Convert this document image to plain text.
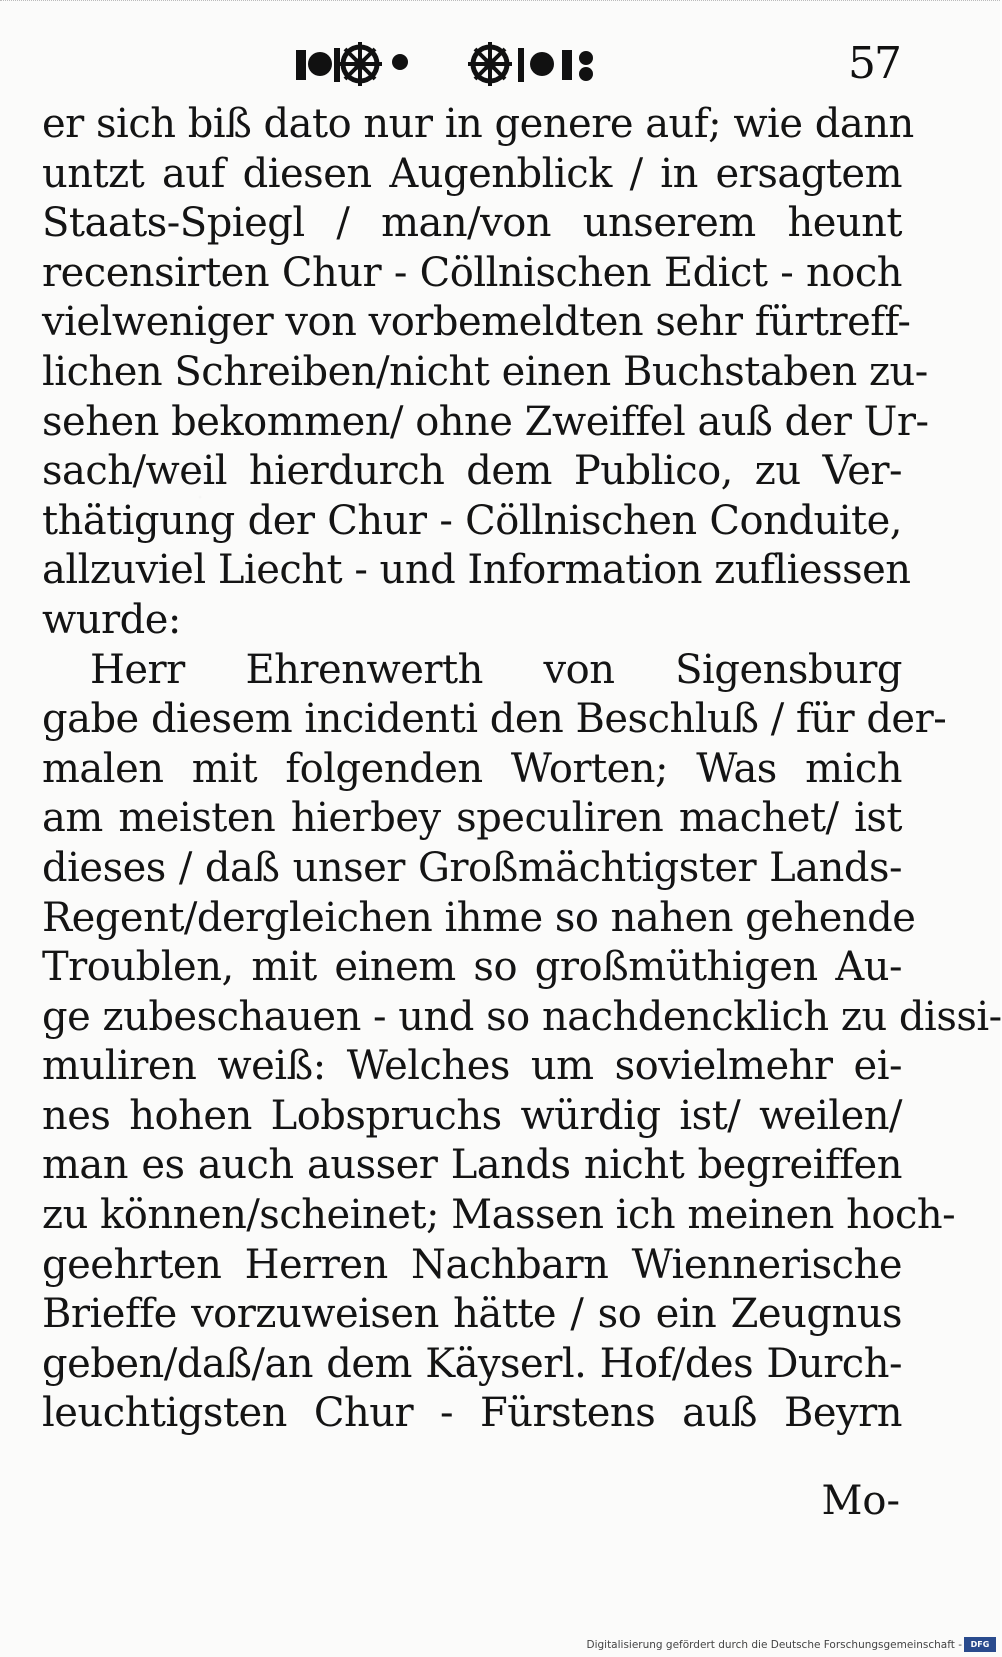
57
er sich biß dato nur in genere auf; wie dann
untzt auf diesen Augenblick / in ersagtem
Staats-Spiegl / man/von unserem heunt
recensirten Chur - Cöllnischen Edict - noch
vielweniger von vorbemeldten sehr fürtreff-
lichen Schreiben/nicht einen Buchstaben zu-
sehen bekommen/ ohne Zweiffel auß der Ur-
sach/weil hierdurch dem Publico, zu Ver-
thätigung der Chur - Cöllnischen Conduite,
allzuviel Liecht - und Information zufliessen
wurde:
Herr Ehrenwerth von Sigensburg
gabe diesem incidenti den Beschluß / für der-
malen mit folgenden Worten; Was mich
am meisten hierbey speculiren machet/ ist
dieses / daß unser Großmächtigster Lands-
Regent/dergleichen ihme so nahen gehende
Troublen, mit einem so großmüthigen Au-
ge zubeschauen - und so nachdencklich zu dissi-
muliren weiß: Welches um sovielmehr ei-
nes hohen Lobspruchs würdig ist/ weilen/
man es auch ausser Lands nicht begreiffen
zu können/scheinet; Massen ich meinen hoch-
geehrten Herren Nachbarn Wiennerische
Brieffe vorzuweisen hätte / so ein Zeugnus
geben/daß/an dem Käyserl. Hof/des Durch-
leuchtigsten Chur - Fürstens auß Beyrn
Mo-
Digitalisierung gefördert durch die Deutsche Forschungsgemeinschaft -	DFG
